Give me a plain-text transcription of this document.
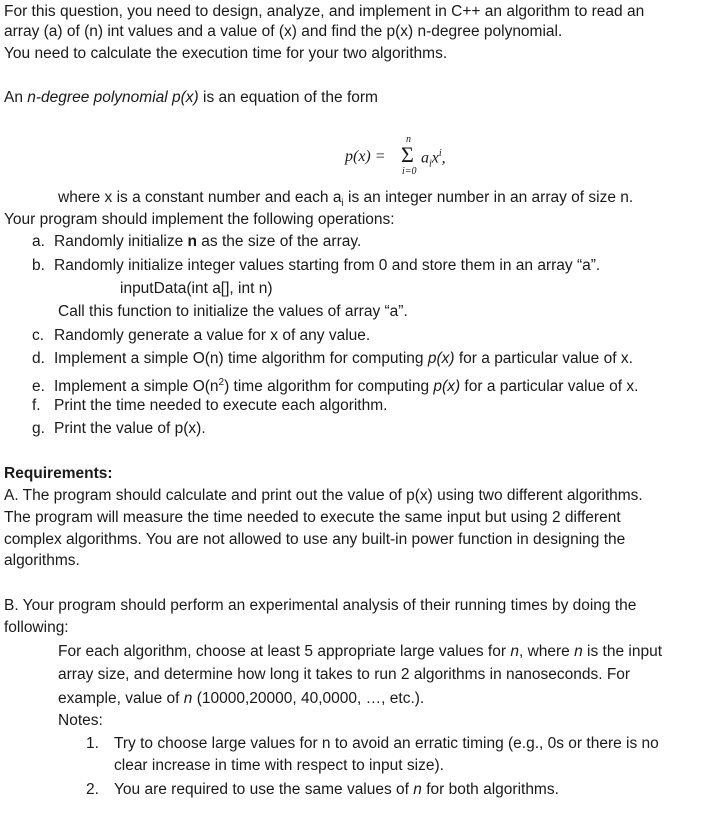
For this question, you need to design, analyze, and implement in C++ an algorithm to read an
array (a) of (n) int values and a value of (x) and find the p(x) n-degree polynomial.
You need to calculate the execution time for your two algorithms.
An n-degree polynomial p(x) is an equation of the form
p(x) =
n
Σ
i=0
$a_ix^i$,
where x is a constant number and each $a_i$ is an integer number in an array of size n.
Your program should implement the following operations:
a. Randomly initialize n as the size of the array.
b. Randomly initialize integer values starting from 0 and store them in an array “a”.
inputData(int a[], int n)
Call this function to initialize the values of array “a”.
c. Randomly generate a value for x of any value.
d. Implement a simple O(n) time algorithm for computing p(x) for a particular value of x.
e. Implement a simple $O(n^2)$ time algorithm for computing p(x) for a particular value of x.
f. Print the time needed to execute each algorithm.
g. Print the value of p(x).
Requirements:
A. The program should calculate and print out the value of p(x) using two different algorithms.
The program will measure the time needed to execute the same input but using 2 different
complex algorithms. You are not allowed to use any built-in power function in designing the
algorithms.
B. Your program should perform an experimental analysis of their running times by doing the
following:
For each algorithm, choose at least 5 appropriate large values for n, where n is the input
array size, and determine how long it takes to run 2 algorithms in nanoseconds. For
example, value of n (10000,20000, 40,0000, …, etc.).
Notes:
1. Try to choose large values for n to avoid an erratic timing (e.g., 0s or there is no
clear increase in time with respect to input size).
2. You are required to use the same values of n for both algorithms.
